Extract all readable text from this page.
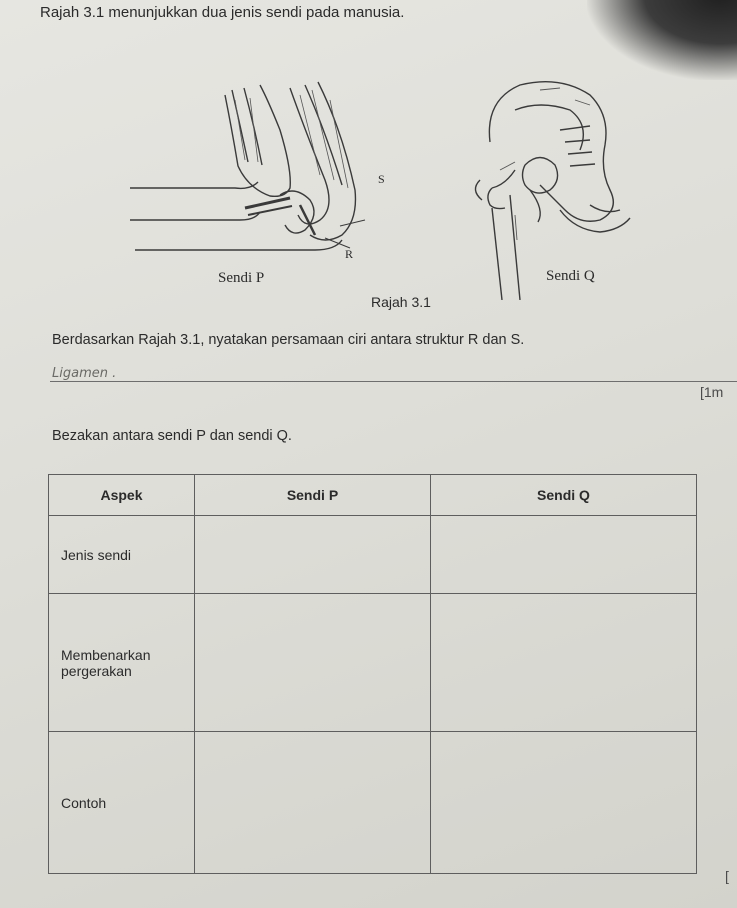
Rajah 3.1 menunjukkan dua jenis sendi pada manusia.
S
R
Sendi P	Sendi Q
Rajah 3.1
Berdasarkan Rajah 3.1, nyatakan persamaan ciri antara struktur R dan S.
Ligamen .
[1m
Bezakan antara sendi P dan sendi Q.
Aspek	Sendi P	Sendi Q
Jenis sendi		
Membenarkan pergerakan		
Contoh		
[
